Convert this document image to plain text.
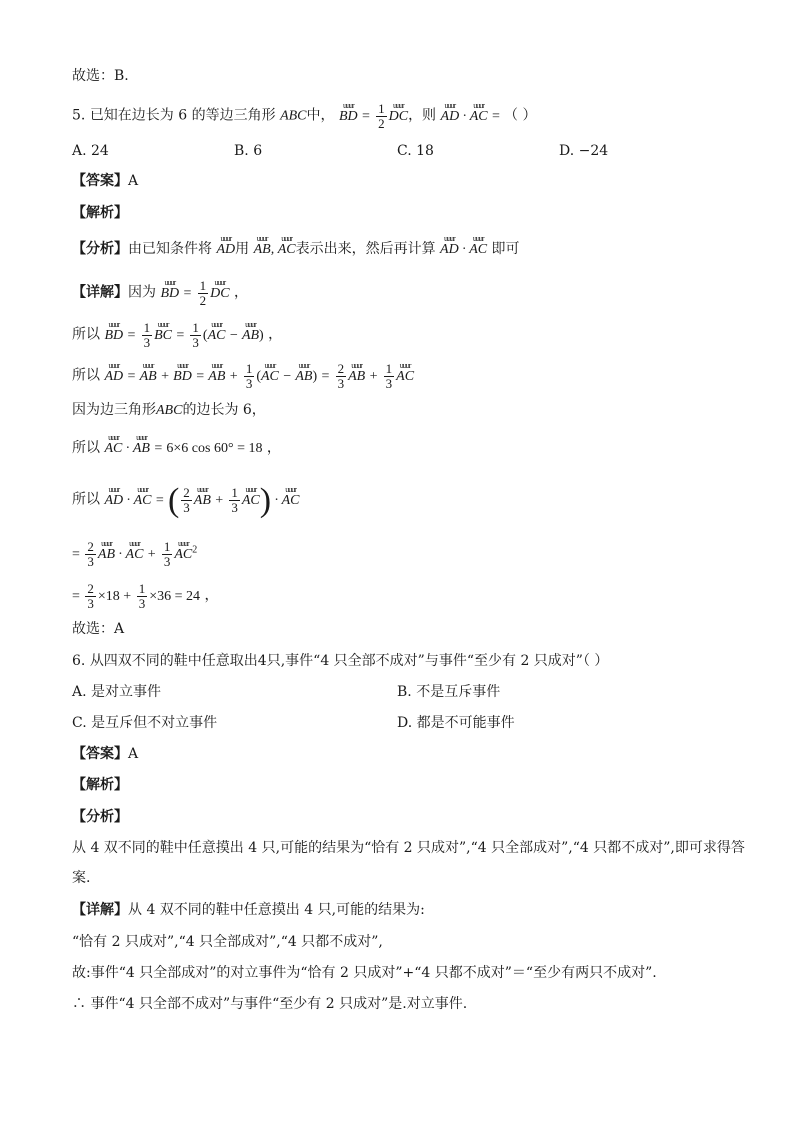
故选：B.
5. 已知在边长为 6 的等边三角形 ABC中， uuur BD = $\frac{1}{2}$ uuur DC，则 uuur AD · uuur AC = （ ）
A. 24	B. 6	C. 18	D. −24
【答案】A
【解析】
【分析】由已知条件将 uuur AD用 uuur AB, uuur AC表示出来，然后再计算 uuur AD · uuur AC 即可
【详解】因为 uuur BD = $\frac{1}{2}$ uuur DC ，
所以 uuur BD = $\frac{1}{3}$ uuur BC = $\frac{1}{3}$ (uuur AC − uuur AB) ，
所以 uuur AD = uuur AB + uuur BD = uuur AB + $\frac{1}{3}$ (uuur AC − uuur $AB) = \frac{2}{3}$ uuur AB + $\frac{1}{3}$ uuur AC
因为边三角形ABC的边长为 6，
所以 uuur AC · uuur AB = 6×6 cos 60° = 18 ，
所以 uuur AD · uuur AC = ( $\frac{2}{3}$ uuur AB + $\frac{1}{3}$ uuur AC) · uuur AC
= $\frac{2}{3}$ uuur AB · uuur AC + $\frac{1}{3}$ uuur $AC^2$
= $\frac{2}{3} \times 18 + \frac{1}{3} \times 36 = 24$ ，
故选：A
6. 从四双不同的鞋中任意取出4只,事件“4 只全部不成对”与事件“至少有 2 只成对”（ ）
A. 是对立事件	B. 不是互斥事件
C. 是互斥但不对立事件	D. 都是不可能事件
【答案】A
【解析】
【分析】
从 4 双不同的鞋中任意摸出 4 只,可能的结果为“恰有 2 只成对”,“4 只全部成对”,“4 只都不成对”,即可求得答
案.
【详解】从 4 双不同的鞋中任意摸出 4 只,可能的结果为:
“恰有 2 只成对”,“4 只全部成对”,“4 只都不成对”,
故:事件“4 只全部成对”的对立事件为“恰有 2 只成对”+“4 只都不成对”＝“至少有两只不成对”.
∴ 事件“4 只全部不成对”与事件“至少有 2 只成对”是.对立事件.
